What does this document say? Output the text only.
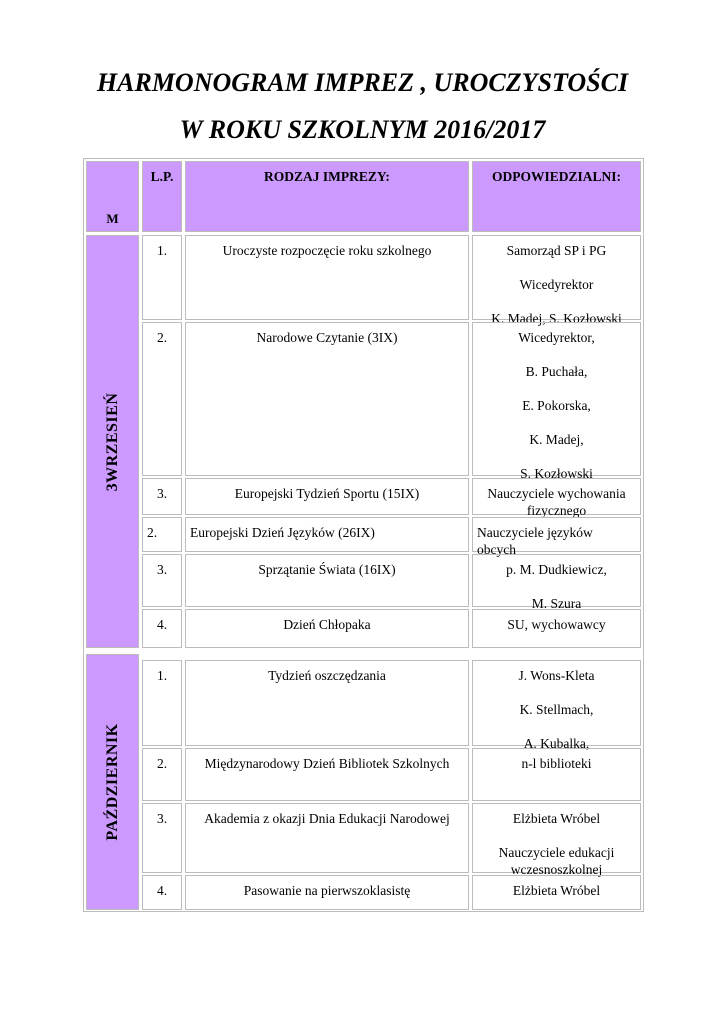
HARMONOGRAM IMPREZ , UROCZYSTOŚCI
W ROKU SZKOLNYM 2016/2017
M
L.P.	RODZAJ IMPREZY:	ODPOWIEDZIALNI:
3WRZESIEŃ
1.	Uroczyste rozpoczęcie roku szkolnego	Samorząd SP i PG
Wicedyrektor
K. Madej, S. Kozłowski
2.	Narodowe Czytanie (3IX)	Wicedyrektor,
B. Puchała,
E. Pokorska,
K. Madej,
S. Kozłowski
3.	Europejski Tydzień Sportu (15IX)	Nauczyciele wychowania fizycznego
2.	Europejski Dzień Języków (26IX)	Nauczyciele języków obcych
3.	Sprzątanie Świata (16IX)	p. M. Dudkiewicz,
M. Szura
4.	Dzień Chłopaka	SU, wychowawcy
PAŹDZIERNIK
1.	Tydzień oszczędzania	J. Wons-Kleta
K. Stellmach,
A. Kubalka,
2.	Międzynarodowy Dzień Bibliotek Szkolnych	n-l biblioteki
3.	Akademia z okazji Dnia Edukacji Narodowej	Elżbieta Wróbel
Nauczyciele edukacji wczesnoszkolnej
4.	Pasowanie na pierwszoklasistę	Elżbieta Wróbel
